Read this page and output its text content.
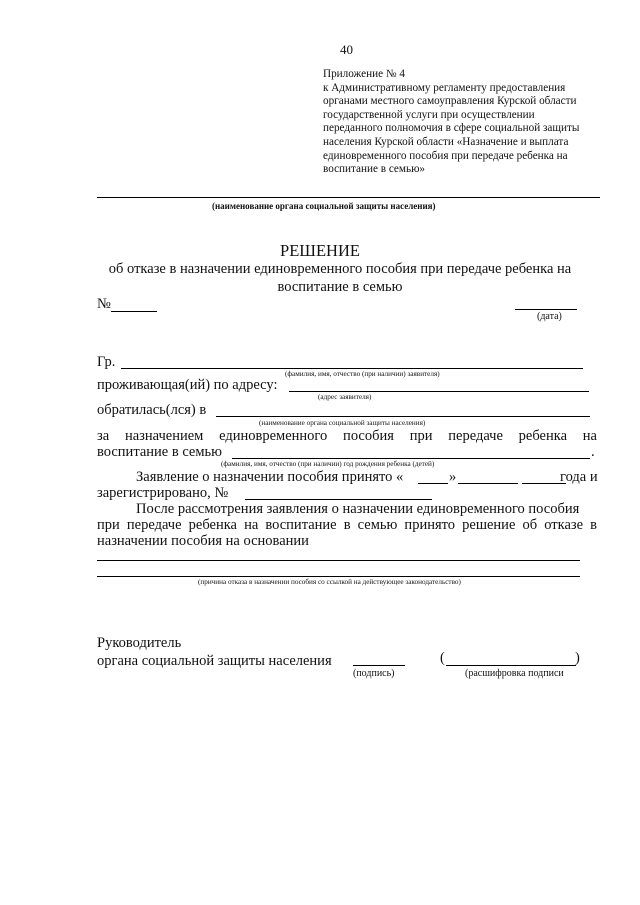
40
Приложение № 4
к Административному регламенту предоставления
органами местного самоуправления Курской области
государственной услуги при осуществлении
переданного полномочия в сфере социальной защиты
населения Курской области «Назначение и выплата
единовременного пособия при передаче ребенка на
воспитание в семью»
(наименование органа социальной защиты населения)
РЕШЕНИЕ
об отказе в назначении единовременного пособия при передаче ребенка на воспитание в семью
№
(дата)
Гр.
(фамилия, имя, отчество (при наличии) заявителя)
проживающая(ий) по адресу:
(адрес заявителя)
обратилась(лся) в
(наименование органа социальной защиты населения)
за назначением единовременного пособия при передаче ребенка на
воспитание в семью	.
(фамилия, имя, отчество (при наличии) год рождения ребенка (детей)
Заявление о назначении пособия принято «	»	года и
зарегистрировано, №
После рассмотрения заявления о назначении единовременного пособия
при передаче ребенка на воспитание в семью принято решение об отказе в
назначении пособия на основании
(причина отказа в назначении пособия со ссылкой на действующее законодательство)
Руководитель
органа социальной защиты населения
(подпись)
(	)
(расшифровка подписи
